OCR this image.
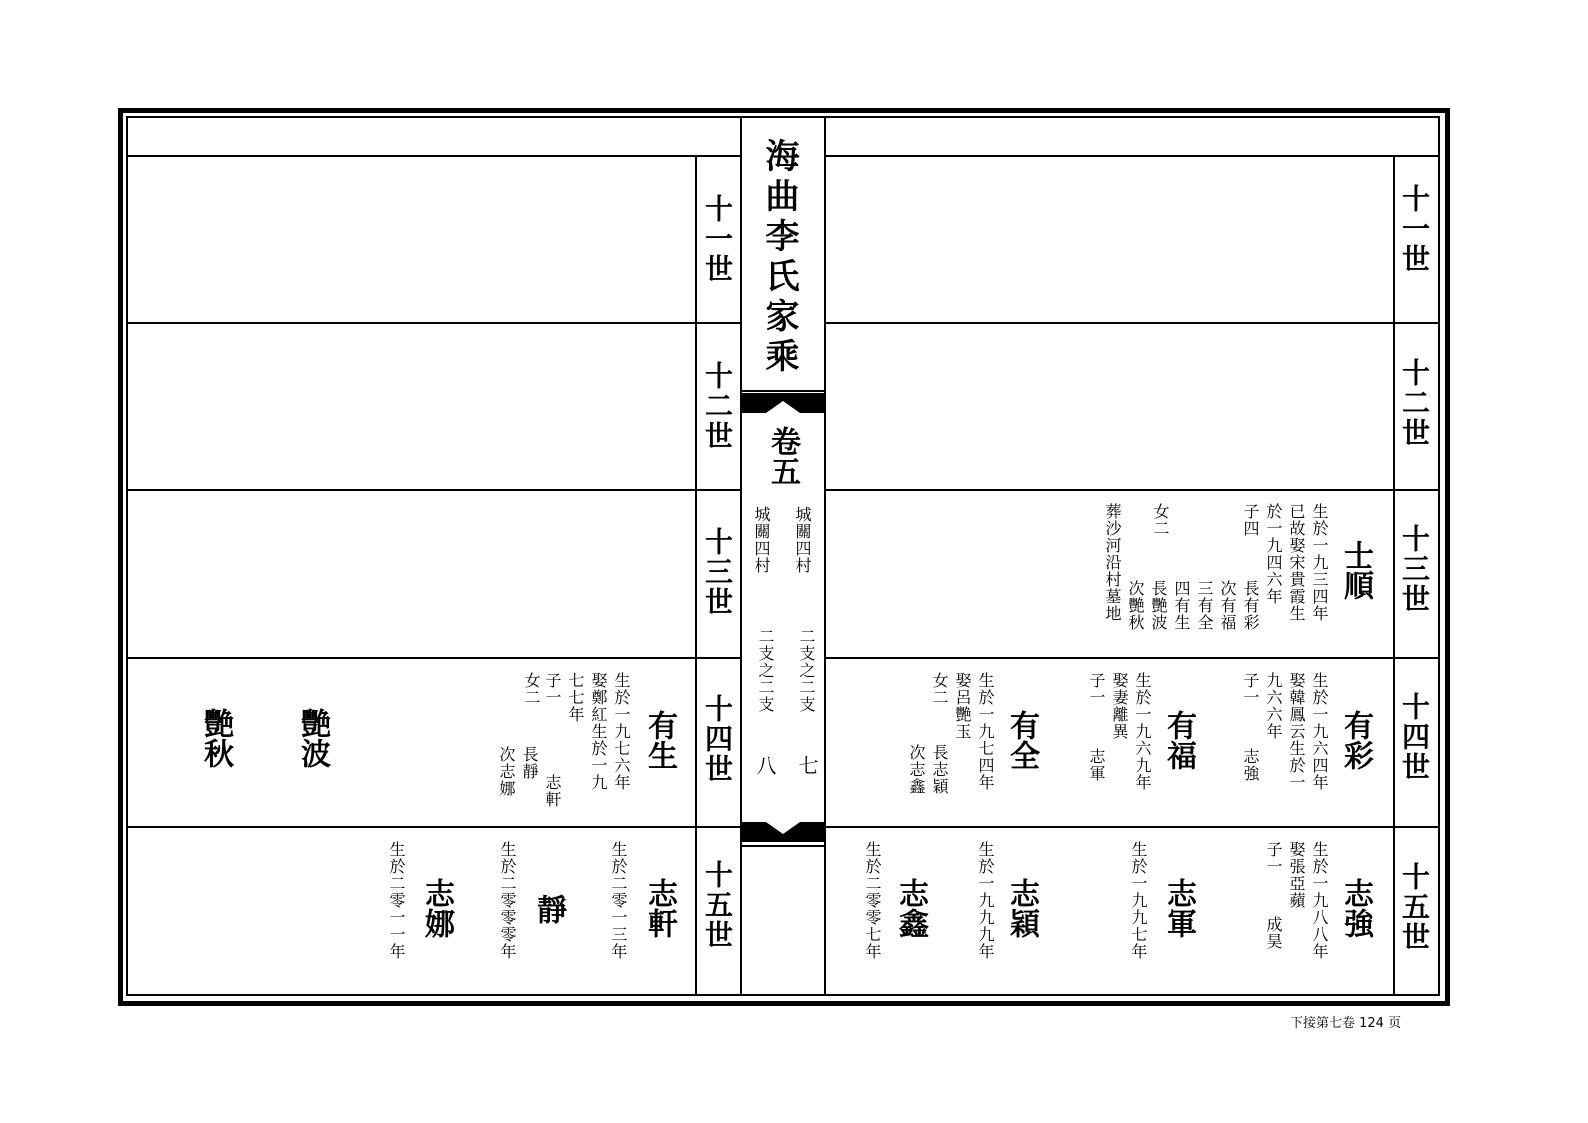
海曲李氏家乘
卷五
城關四村
城關四村
二支之二支
二支之二支
七
八
十一世
十二世
十三世
十四世
十五世
十一世
十二世
十三世
十四世
十五世
士順
生於一九三四年
已故娶宋貴霞生
於一九四六年
子四
長有彩
次有福
三有全
四有生
女二
長艷波
次艷秋
葬沙河沿村墓地
有彩
生於一九六四年
娶韓鳳云生於一
九六六年
子一
志強
有福
生於一九六九年
娶妻離異
子一
志軍
有全
生於一九七四年
娶呂艷玉
女二
長志穎
次志鑫
志強
生於一九八八年
娶張亞蘋
子一
成昊
志軍
生於一九九七年
志穎
生於一九九九年
志鑫
生於二零零七年
有生
生於一九七六年
娶鄭紅生於一九
七七年
子一
志軒
女二
長靜
次志娜
艷波
艷秋
志軒
生於二零一三年
靜
生於二零零零年
志娜
生於二零一一年
下接第七卷 124 页
